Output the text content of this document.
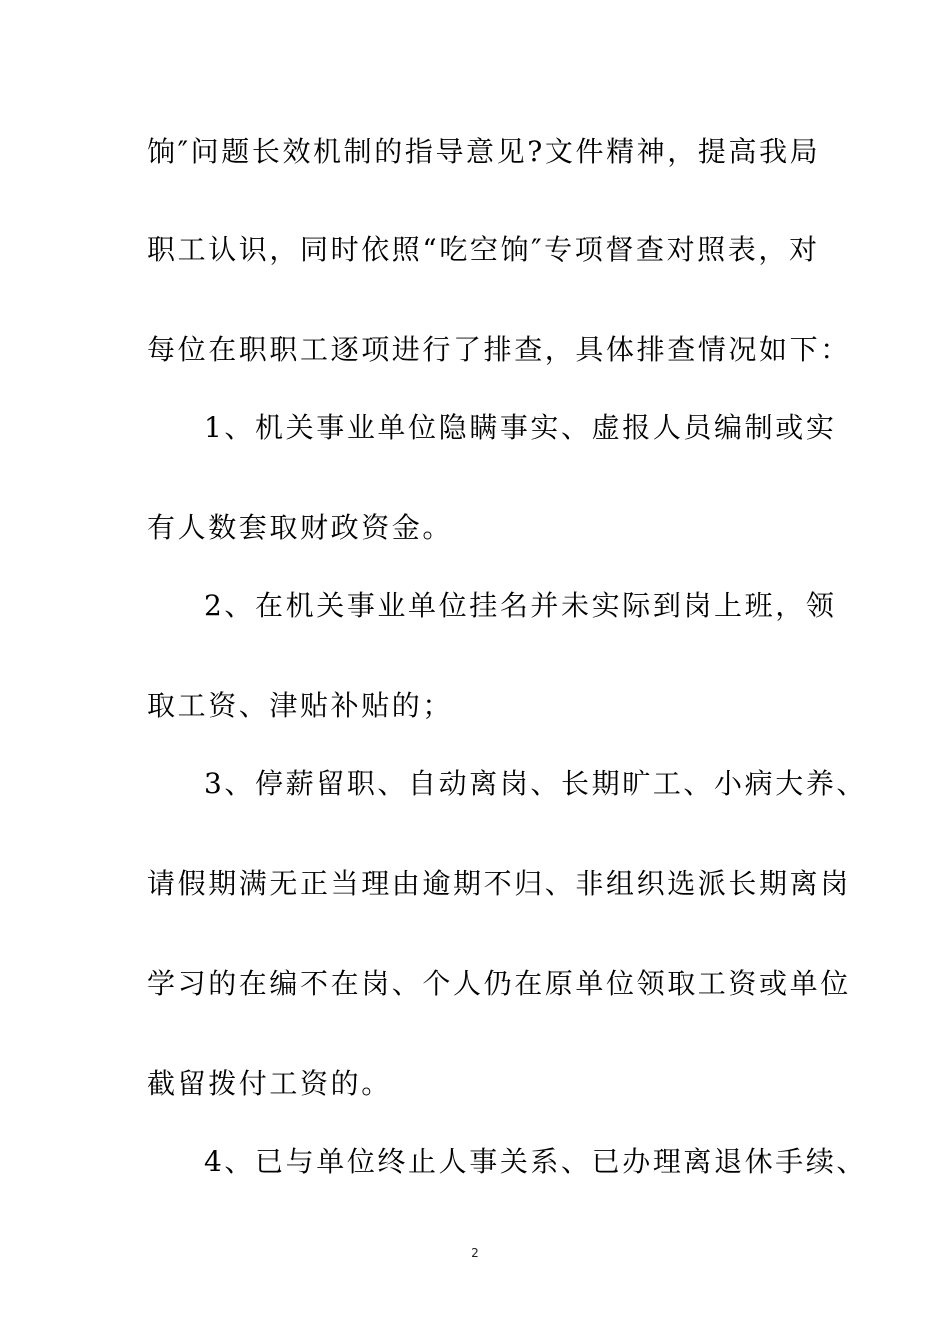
饷″问题长效机制的指导意见?文件精神，提高我局
职工认识，同时依照“吃空饷″专项督查对照表，对
每位在职职工逐项进行了排查，具体排查情况如下：
1、机关事业单位隐瞒事实、虚报人员编制或实
有人数套取财政资金。
2、在机关事业单位挂名并未实际到岗上班，领
取工资、津贴补贴的；
3、停薪留职、自动离岗、长期旷工、小病大养、
请假期满无正当理由逾期不归、非组织选派长期离岗
学习的在编不在岗、个人仍在原单位领取工资或单位
截留拨付工资的。
4、已与单位终止人事关系、已办理离退休手续、
2
